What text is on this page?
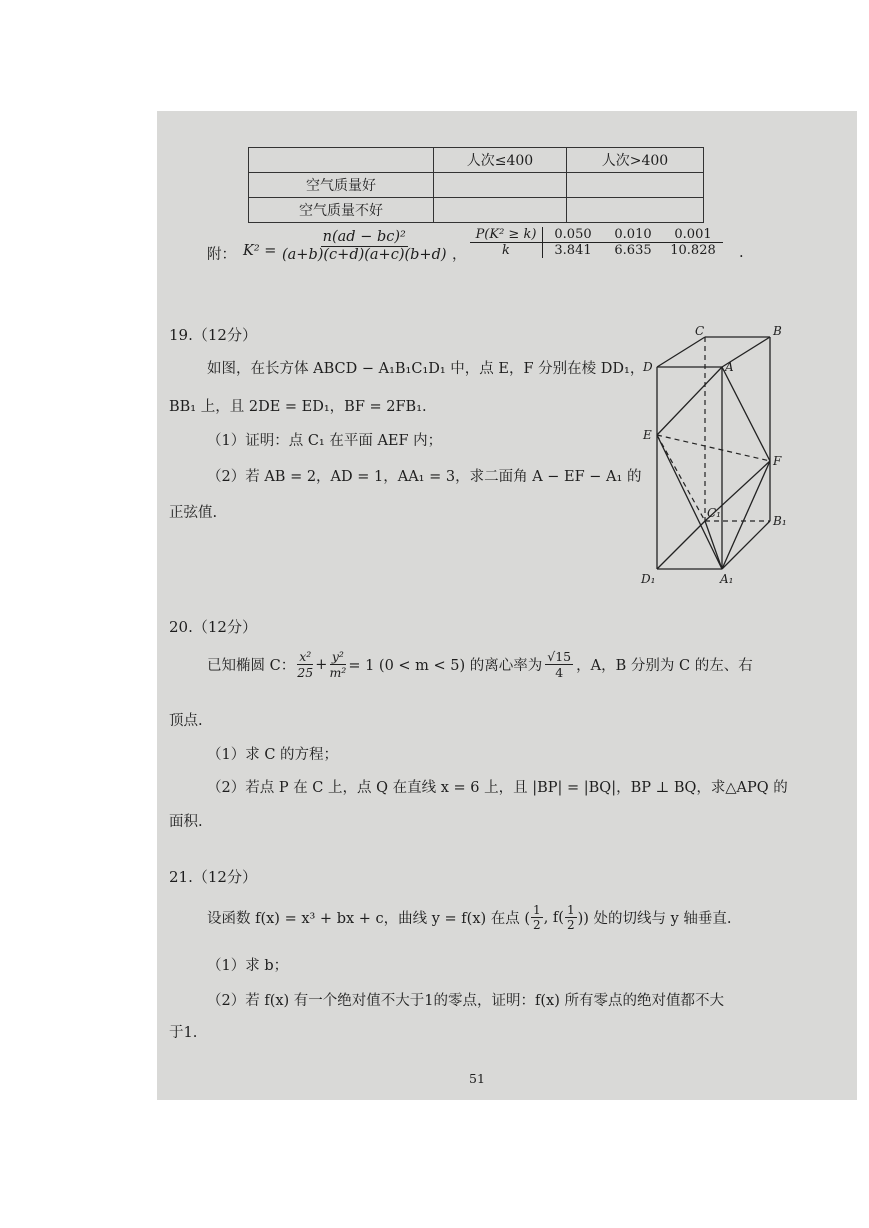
	人次≤400	人次>400
空气质量好		
空气质量不好		
附： $K^2 = \frac{\text{n(ad − bc)²}}{(a+b)(c+d)(a+c)(b+d)}$ ，
P(K² ≥ k)	0.050	0.010	0.001
k	3.841	6.635	10.828	.
19.（12分）
如图，在长方体 ABCD − A₁B₁C₁D₁ 中，点 E，F 分别在棱 DD₁，
BB₁ 上，且 2DE = ED₁，BF = 2FB₁.
（1）证明：点 C₁ 在平面 AEF 内；
（2）若 AB = 2，AD = 1，AA₁ = 3，求二面角 A − EF − A₁ 的
正弦值.
C	B
D	A
E
F
C₁
B₁
D₁	A₁
20.（12分）
已知椭圆 C： $\frac{\text{x²}}{25} + \frac{\text{y²}}{\text{m²}} = 1$ (0 < m < 5) 的离心率为 $\frac{√15}{4}$ ，A，B 分别为 C 的左、右
顶点.
（1）求 C 的方程；
（2）若点 P 在 C 上，点 Q 在直线 x = 6 上，且 |BP| = |BQ|，BP ⊥ BQ，求△APQ 的
面积.
21.（12分）
设函数 f(x) = x³ + bx + c，曲线 y = f(x) 在点 ( $\frac{1}{2}$ , $f( \frac{1}{2}$ )) 处的切线与 y 轴垂直.
（1）求 b；
（2）若 f(x) 有一个绝对值不大于1的零点，证明：f(x) 所有零点的绝对值都不大
于1.
51
